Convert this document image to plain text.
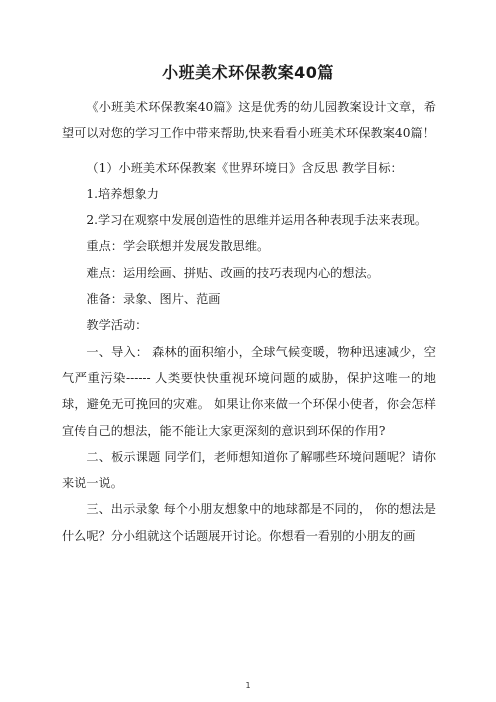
小班美术环保教案40篇

《小班美术环保教案40篇》这是优秀的幼儿园教案设计文章，希望可以对您的学习工作中带来帮助,快来看看小班美术环保教案40篇！

（1）小班美术环保教案《世界环境日》含反思 教学目标：

1.培养想象力

2.学习在观察中发展创造性的思维并运用各种表现手法来表现。

重点：学会联想并发展发散思维。

难点：运用绘画、拼贴、改画的技巧表现内心的想法。

准备：录象、图片、范画

教学活动：

一、导入： 森林的面积缩小，全球气候变暖，物种迅速减少，空气严重污染------ 人类要快快重视环境问题的威胁，保护这唯一的地球，避免无可挽回的灾难。 如果让你来做一个环保小使者，你会怎样宣传自己的想法，能不能让大家更深刻的意识到环保的作用?

二、板示课题 同学们，老师想知道你了解哪些环境问题呢？请你来说一说。

三、出示录象 每个小朋友想象中的地球都是不同的， 你的想法是什么呢？分小组就这个话题展开讨论。你想看一看别的小朋友的画

1
